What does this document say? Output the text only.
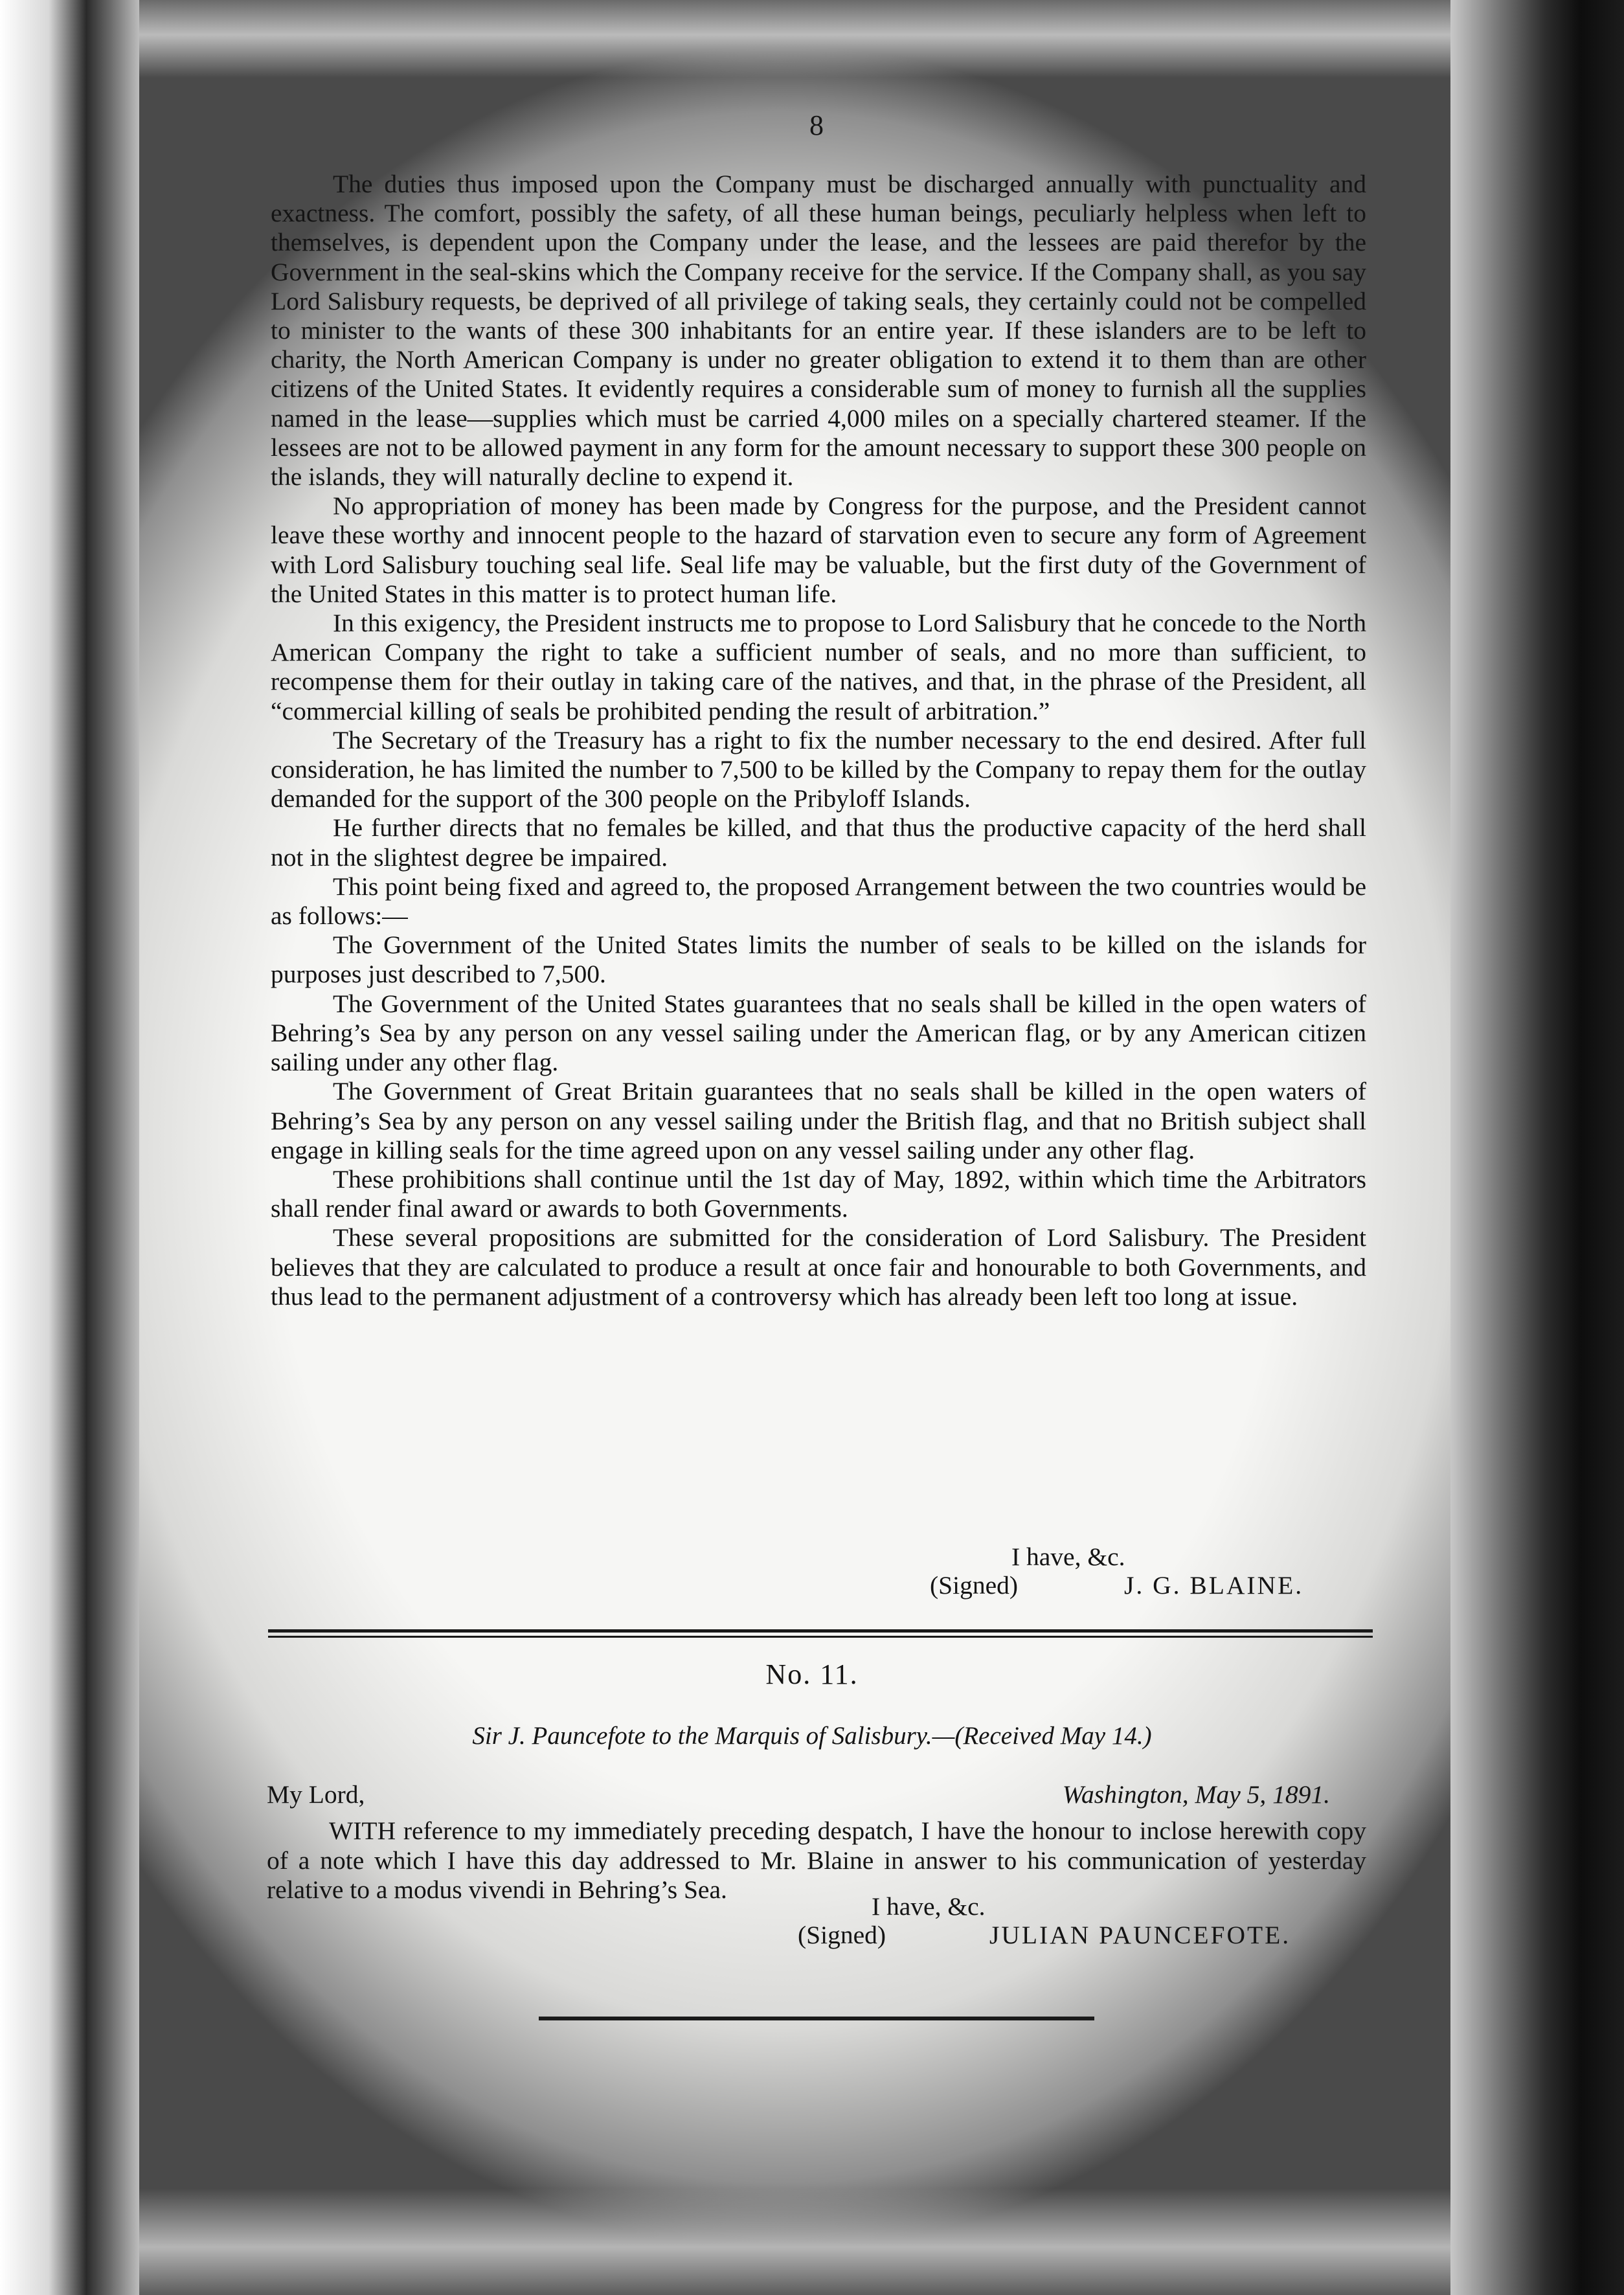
8

The duties thus imposed upon the Company must be discharged annually with punctuality and exactness. The comfort, possibly the safety, of all these human beings, peculiarly helpless when left to themselves, is dependent upon the Company under the lease, and the lessees are paid therefor by the Government in the seal-skins which the Company receive for the service. If the Company shall, as you say Lord Salisbury requests, be deprived of all privilege of taking seals, they certainly could not be compelled to minister to the wants of these 300 inhabitants for an entire year. If these islanders are to be left to charity, the North American Company is under no greater obligation to extend it to them than are other citizens of the United States. It evidently requires a considerable sum of money to furnish all the supplies named in the lease—supplies which must be carried 4,000 miles on a specially chartered steamer. If the lessees are not to be allowed payment in any form for the amount necessary to support these 300 people on the islands, they will naturally decline to expend it.

No appropriation of money has been made by Congress for the purpose, and the President cannot leave these worthy and innocent people to the hazard of starvation even to secure any form of Agreement with Lord Salisbury touching seal life. Seal life may be valuable, but the first duty of the Government of the United States in this matter is to protect human life.

In this exigency, the President instructs me to propose to Lord Salisbury that he concede to the North American Company the right to take a sufficient number of seals, and no more than sufficient, to recompense them for their outlay in taking care of the natives, and that, in the phrase of the President, all “commercial killing of seals be prohibited pending the result of arbitration.”

The Secretary of the Treasury has a right to fix the number necessary to the end desired. After full consideration, he has limited the number to 7,500 to be killed by the Company to repay them for the outlay demanded for the support of the 300 people on the Pribyloff Islands.

He further directs that no females be killed, and that thus the productive capacity of the herd shall not in the slightest degree be impaired.

This point being fixed and agreed to, the proposed Arrangement between the two countries would be as follows:—

The Government of the United States limits the number of seals to be killed on the islands for purposes just described to 7,500.

The Government of the United States guarantees that no seals shall be killed in the open waters of Behring’s Sea by any person on any vessel sailing under the American flag, or by any American citizen sailing under any other flag.

The Government of Great Britain guarantees that no seals shall be killed in the open waters of Behring’s Sea by any person on any vessel sailing under the British flag, and that no British subject shall engage in killing seals for the time agreed upon on any vessel sailing under any other flag.

These prohibitions shall continue until the 1st day of May, 1892, within which time the Arbitrators shall render final award or awards to both Governments.

These several propositions are submitted for the consideration of Lord Salisbury. The President believes that they are calculated to produce a result at once fair and honourable to both Governments, and thus lead to the permanent adjustment of a controversy which has already been left too long at issue.

I have, &c.
(Signed)	J. G. BLAINE.
No. 11.
Sir J. Pauncefote to the Marquis of Salisbury.—(Received May 14.)
My Lord,	Washington, May 5, 1891.

WITH reference to my immediately preceding despatch, I have the honour to inclose herewith copy of a note which I have this day addressed to Mr. Blaine in answer to his communication of yesterday relative to a modus vivendi in Behring’s Sea.

I have, &c.
(Signed)	JULIAN PAUNCEFOTE.
